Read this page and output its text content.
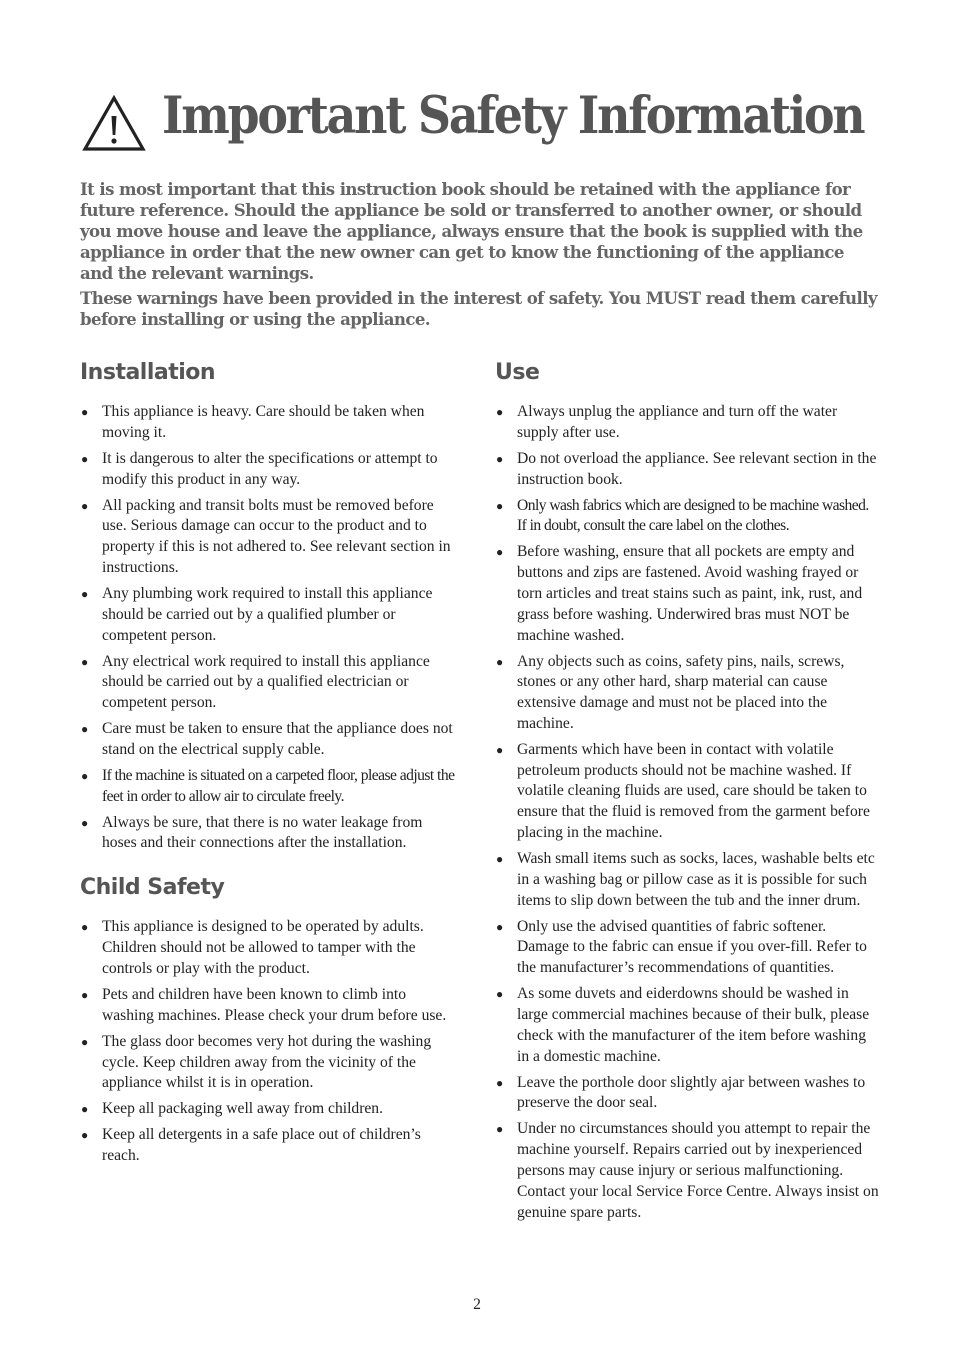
Important Safety Information

It is most important that this instruction book should be retained with the appliance for future reference. Should the appliance be sold or transferred to another owner, or should you move house and leave the appliance, always ensure that the book is supplied with the appliance in order that the new owner can get to know the functioning of the appliance and the relevant warnings.

These warnings have been provided in the interest of safety. You MUST read them carefully before installing or using the appliance.

Installation
● This appliance is heavy. Care should be taken when moving it.
● It is dangerous to alter the specifications or attempt to modify this product in any way.
● All packing and transit bolts must be removed before use. Serious damage can occur to the product and to property if this is not adhered to. See relevant section in instructions.
● Any plumbing work required to install this appliance should be carried out by a qualified plumber or competent person.
● Any electrical work required to install this appliance should be carried out by a qualified electrician or competent person.
● Care must be taken to ensure that the appliance does not stand on the electrical supply cable.
● If the machine is situated on a carpeted floor, please adjust the feet in order to allow air to circulate freely.
● Always be sure, that there is no water leakage from hoses and their connections after the installation.
Child Safety
● This appliance is designed to be operated by adults. Children should not be allowed to tamper with the controls or play with the product.
● Pets and children have been known to climb into washing machines. Please check your drum before use.
● The glass door becomes very hot during the washing cycle. Keep children away from the vicinity of the appliance whilst it is in operation.
● Keep all packaging well away from children.
● Keep all detergents in a safe place out of children’s reach.
Use
● Always unplug the appliance and turn off the water supply after use.
● Do not overload the appliance. See relevant section in the instruction book.
● Only wash fabrics which are designed to be machine washed. If in doubt, consult the care label on the clothes.
● Before washing, ensure that all pockets are empty and buttons and zips are fastened. Avoid washing frayed or torn articles and treat stains such as paint, ink, rust, and grass before washing. Underwired bras must NOT be machine washed.
● Any objects such as coins, safety pins, nails, screws, stones or any other hard, sharp material can cause extensive damage and must not be placed into the machine.
● Garments which have been in contact with volatile petroleum products should not be machine washed. If volatile cleaning fluids are used, care should be taken to ensure that the fluid is removed from the garment before placing in the machine.
● Wash small items such as socks, laces, washable belts etc in a washing bag or pillow case as it is possible for such items to slip down between the tub and the inner drum.
● Only use the advised quantities of fabric softener. Damage to the fabric can ensue if you over-fill. Refer to the manufacturer’s recommendations of quantities.
● As some duvets and eiderdowns should be washed in large commercial machines because of their bulk, please check with the manufacturer of the item before washing in a domestic machine.
● Leave the porthole door slightly ajar between washes to preserve the door seal.
● Under no circumstances should you attempt to repair the machine yourself. Repairs carried out by inexperienced persons may cause injury or serious malfunctioning. Contact your local Service Force Centre. Always insist on genuine spare parts.
2
